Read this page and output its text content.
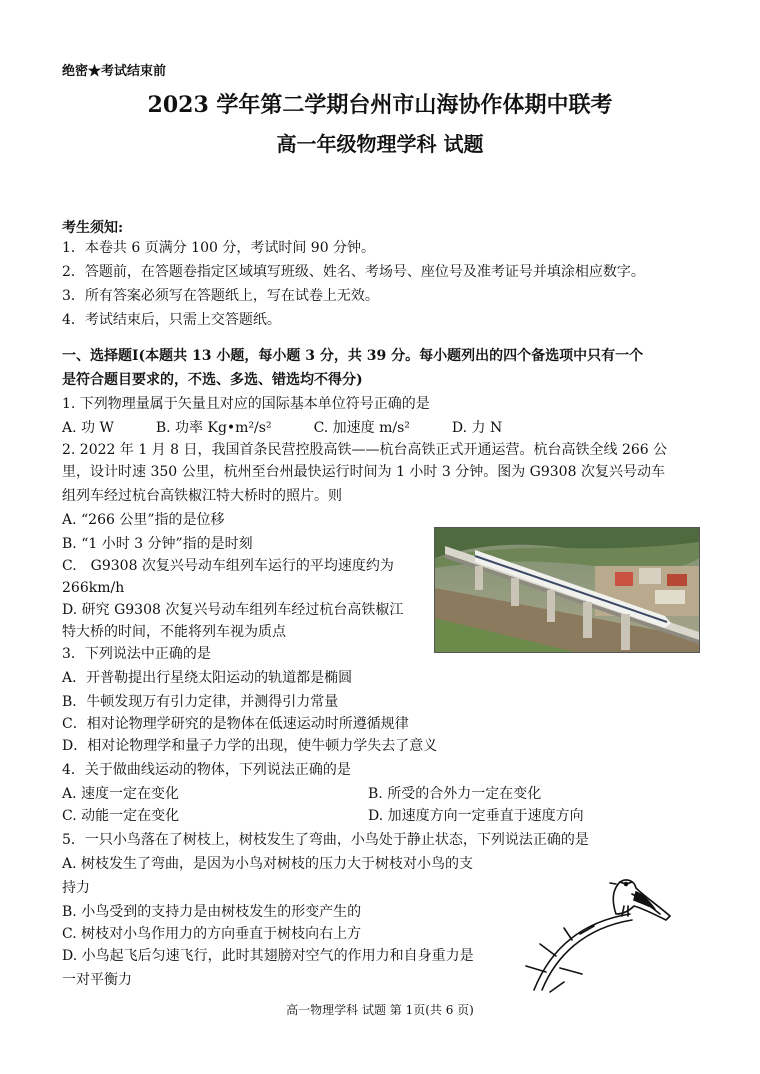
绝密★考试结束前
2023 学年第二学期台州市山海协作体期中联考
高一年级物理学科 试题
考生须知:
1．本卷共 6 页满分 100 分，考试时间 90 分钟。
2．答题前，在答题卷指定区域填写班级、姓名、考场号、座位号及准考证号并填涂相应数字。
3．所有答案必须写在答题纸上，写在试卷上无效。
4．考试结束后，只需上交答题纸。
一、选择题Ⅰ(本题共 13 小题，每小题 3 分，共 39 分。每小题列出的四个备选项中只有一个
是符合题目要求的，不选、多选、错选均不得分)
1. 下列物理量属于矢量且对应的国际基本单位符号正确的是
A. 功 W　　　B. 功率 Kg•m²/s²　　　C. 加速度 m/s²　　　D. 力 N
2. 2022 年 1 月 8 日，我国首条民营控股高铁——杭台高铁正式开通运营。杭台高铁全线 266 公
里，设计时速 350 公里，杭州至台州最快运行时间为 1 小时 3 分钟。图为 G9308 次复兴号动车
组列车经过杭台高铁椒江特大桥时的照片。则
A. “266 公里”指的是位移
B. “1 小时 3 分钟”指的是时刻
C.　G9308 次复兴号动车组列车运行的平均速度约为
266km/h
D. 研究 G9308 次复兴号动车组列车经过杭台高铁椒江
特大桥的时间，不能将列车视为质点
3．下列说法中正确的是
A．开普勒提出行星绕太阳运动的轨道都是椭圆
B．牛顿发现万有引力定律，并测得引力常量
C．相对论物理学研究的是物体在低速运动时所遵循规律
D．相对论物理学和量子力学的出现，使牛顿力学失去了意义
4．关于做曲线运动的物体，下列说法正确的是
A. 速度一定在变化	B. 所受的合外力一定在变化
C. 动能一定在变化	D. 加速度方向一定垂直于速度方向
5．一只小鸟落在了树枝上，树枝发生了弯曲，小鸟处于静止状态，下列说法正确的是
A. 树枝发生了弯曲，是因为小鸟对树枝的压力大于树枝对小鸟的支
持力
B. 小鸟受到的支持力是由树枝发生的形变产生的
C. 树枝对小鸟作用力的方向垂直于树枝向右上方
D. 小鸟起飞后匀速飞行，此时其翅膀对空气的作用力和自身重力是
一对平衡力
高一物理学科 试题 第 1页(共 6 页)
